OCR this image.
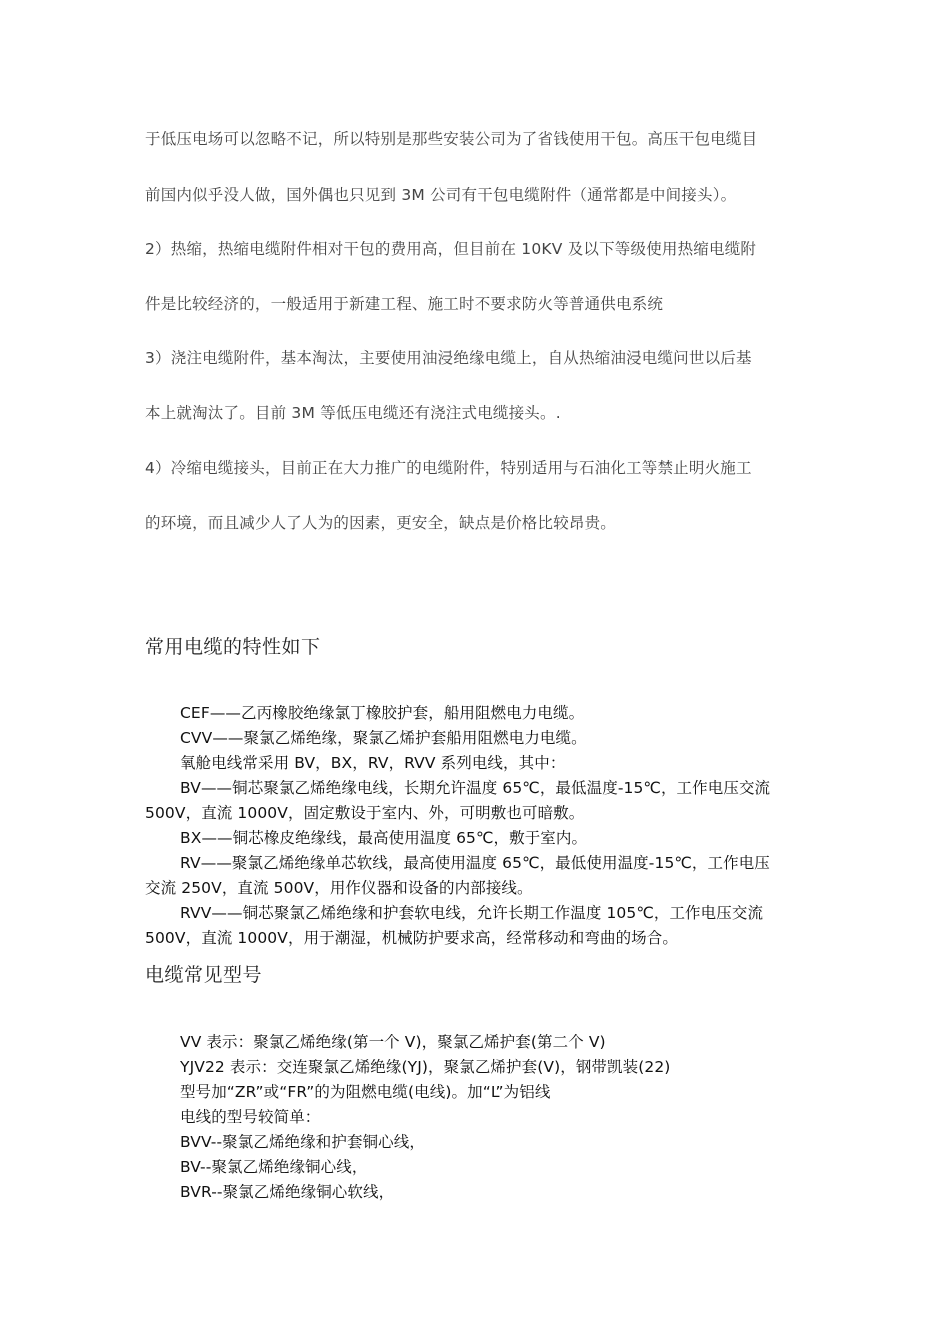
于低压电场可以忽略不记，所以特别是那些安装公司为了省钱使用干包。高压干包电缆目
前国内似乎没人做，国外偶也只见到 3M 公司有干包电缆附件（通常都是中间接头）。
2）热缩，热缩电缆附件相对干包的费用高，但目前在 10KV 及以下等级使用热缩电缆附
件是比较经济的，一般适用于新建工程、施工时不要求防火等普通供电系统
3）浇注电缆附件，基本淘汰，主要使用油浸绝缘电缆上，自从热缩油浸电缆问世以后基
本上就淘汰了。目前 3M 等低压电缆还有浇注式电缆接头。.
4）冷缩电缆接头，目前正在大力推广的电缆附件，特别适用与石油化工等禁止明火施工
的环境，而且减少人了人为的因素，更安全，缺点是价格比较昂贵。
常用电缆的特性如下
CEF——乙丙橡胶绝缘氯丁橡胶护套，船用阻燃电力电缆。
CVV——聚氯乙烯绝缘，聚氯乙烯护套船用阻燃电力电缆。
氧舱电线常采用 BV，BX，RV，RVV 系列电线，其中：
BV——铜芯聚氯乙烯绝缘电线，长期允许温度 65℃，最低温度-15℃，工作电压交流
500V，直流 1000V，固定敷设于室内、外，可明敷也可暗敷。
BX——铜芯橡皮绝缘线，最高使用温度 65℃，敷于室内。
RV——聚氯乙烯绝缘单芯软线，最高使用温度 65℃，最低使用温度-15℃，工作电压
交流 250V，直流 500V，用作仪器和设备的内部接线。
RVV——铜芯聚氯乙烯绝缘和护套软电线，允许长期工作温度 105℃，工作电压交流
500V，直流 1000V，用于潮湿，机械防护要求高，经常移动和弯曲的场合。
电缆常见型号
VV 表示：聚氯乙烯绝缘(第一个 V)，聚氯乙烯护套(第二个 V)
YJV22 表示：交连聚氯乙烯绝缘(YJ)，聚氯乙烯护套(V)，钢带凯装(22)
型号加“ZR”或“FR”的为阻燃电缆(电线)。加“L”为铝线
电线的型号较简单：
BVV--聚氯乙烯绝缘和护套铜心线，
BV--聚氯乙烯绝缘铜心线，
BVR--聚氯乙烯绝缘铜心软线，
